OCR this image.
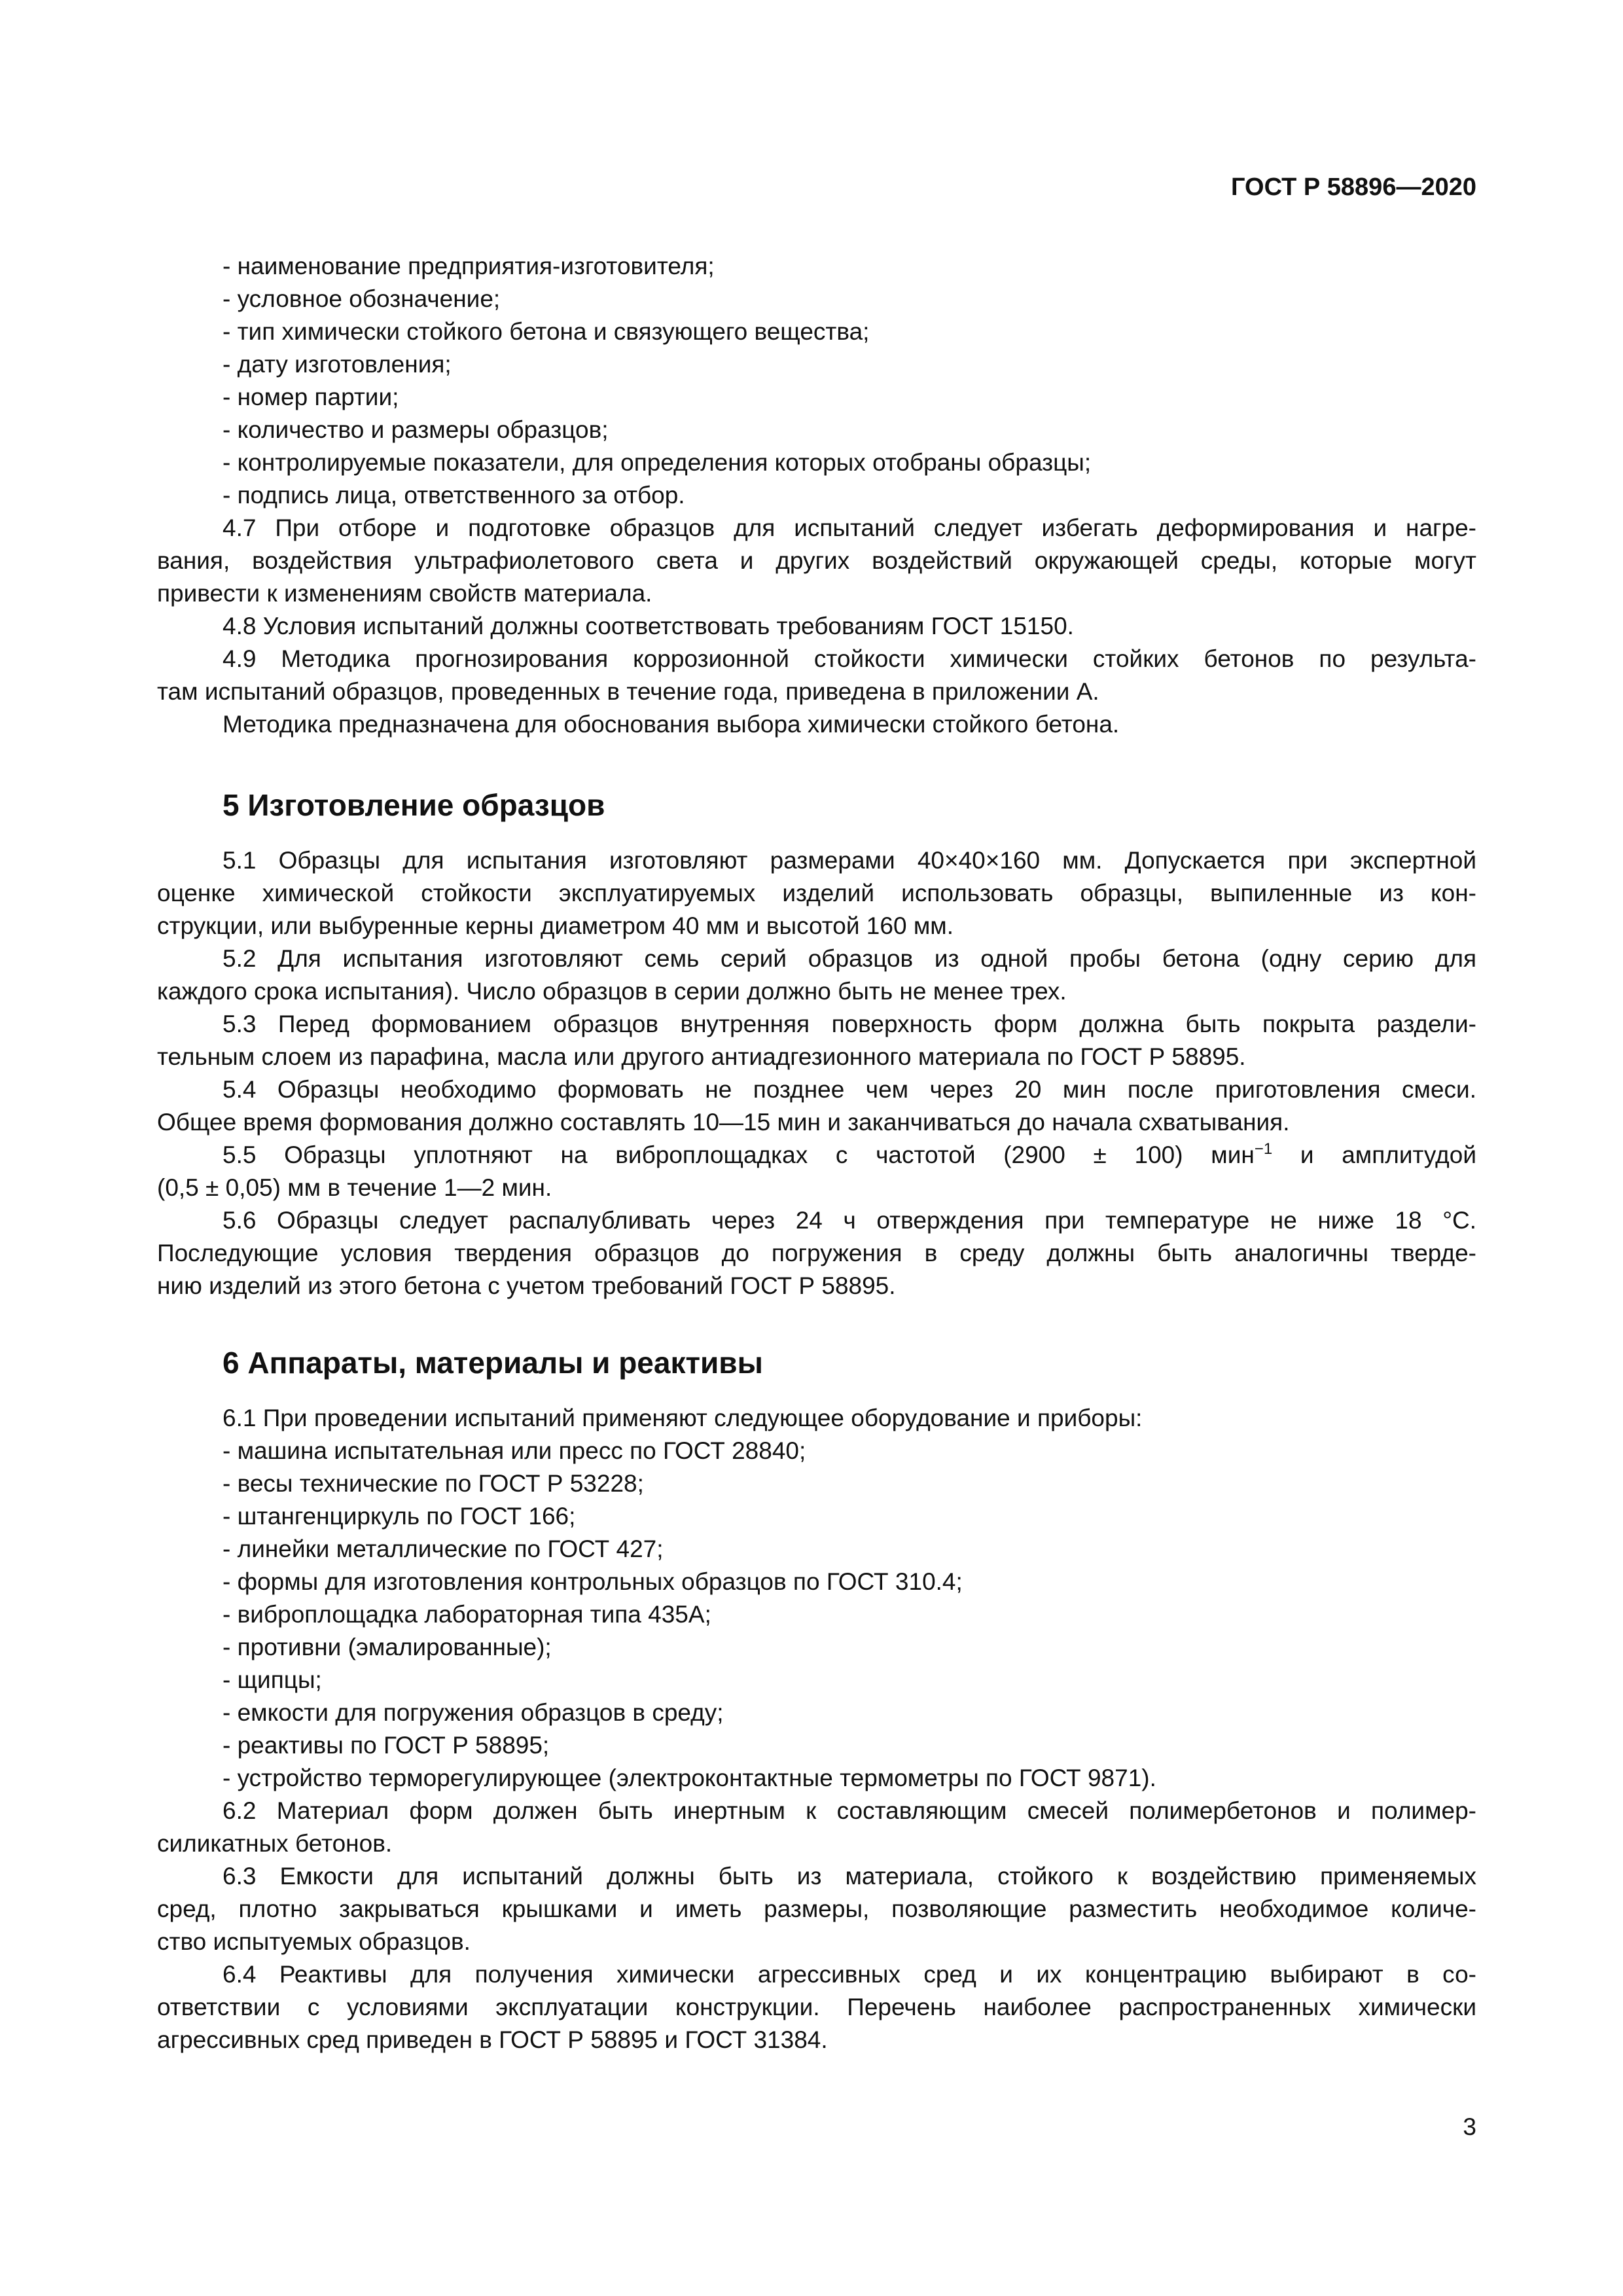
ГОСТ Р 58896—2020
- наименование предприятия-изготовителя;
- условное обозначение;
- тип химически стойкого бетона и связующего вещества;
- дату изготовления;
- номер партии;
- количество и размеры образцов;
- контролируемые показатели, для определения которых отобраны образцы;
- подпись лица, ответственного за отбор.
4.7 При отборе и подготовке образцов для испытаний следует избегать деформирования и нагре-
вания, воздействия ультрафиолетового света и других воздействий окружающей среды, которые могут
привести к изменениям свойств материала.
4.8 Условия испытаний должны соответствовать требованиям ГОСТ 15150.
4.9 Методика прогнозирования коррозионной стойкости химически стойких бетонов по результа-
там испытаний образцов, проведенных в течение года, приведена в приложении А.
Методика предназначена для обоснования выбора химически стойкого бетона.
5 Изготовление образцов
5.1 Образцы для испытания изготовляют размерами 40×40×160 мм. Допускается при экспертной
оценке химической стойкости эксплуатируемых изделий использовать образцы, выпиленные из кон-
струкции, или выбуренные керны диаметром 40 мм и высотой 160 мм.
5.2 Для испытания изготовляют семь серий образцов из одной пробы бетона (одну серию для
каждого срока испытания). Число образцов в серии должно быть не менее трех.
5.3 Перед формованием образцов внутренняя поверхность форм должна быть покрыта раздели-
тельным слоем из парафина, масла или другого антиадгезионного материала по ГОСТ Р 58895.
5.4 Образцы необходимо формовать не позднее чем через 20 мин после приготовления смеси.
Общее время формования должно составлять 10—15 мин и заканчиваться до начала схватывания.
5.5 Образцы уплотняют на виброплощадках с частотой (2900 ± 100) мин$^{-1}$ и амплитудой
(0,5 ± 0,05) мм в течение 1—2 мин.
5.6 Образцы следует распалубливать через 24 ч отверждения при температуре не ниже 18 °С.
Последующие условия твердения образцов до погружения в среду должны быть аналогичны тверде-
нию изделий из этого бетона с учетом требований ГОСТ Р 58895.
6 Аппараты, материалы и реактивы
6.1 При проведении испытаний применяют следующее оборудование и приборы:
- машина испытательная или пресс по ГОСТ 28840;
- весы технические по ГОСТ Р 53228;
- штангенциркуль по ГОСТ 166;
- линейки металлические по ГОСТ 427;
- формы для изготовления контрольных образцов по ГОСТ 310.4;
- виброплощадка лабораторная типа 435А;
- противни (эмалированные);
- щипцы;
- емкости для погружения образцов в среду;
- реактивы по ГОСТ Р 58895;
- устройство терморегулирующее (электроконтактные термометры по ГОСТ 9871).
6.2 Материал форм должен быть инертным к составляющим смесей полимербетонов и полимер-
силикатных бетонов.
6.3 Емкости для испытаний должны быть из материала, стойкого к воздействию применяемых
сред, плотно закрываться крышками и иметь размеры, позволяющие разместить необходимое количе-
ство испытуемых образцов.
6.4 Реактивы для получения химически агрессивных сред и их концентрацию выбирают в со-
ответствии с условиями эксплуатации конструкции. Перечень наиболее распространенных химически
агрессивных сред приведен в ГОСТ Р 58895 и ГОСТ 31384.
3
